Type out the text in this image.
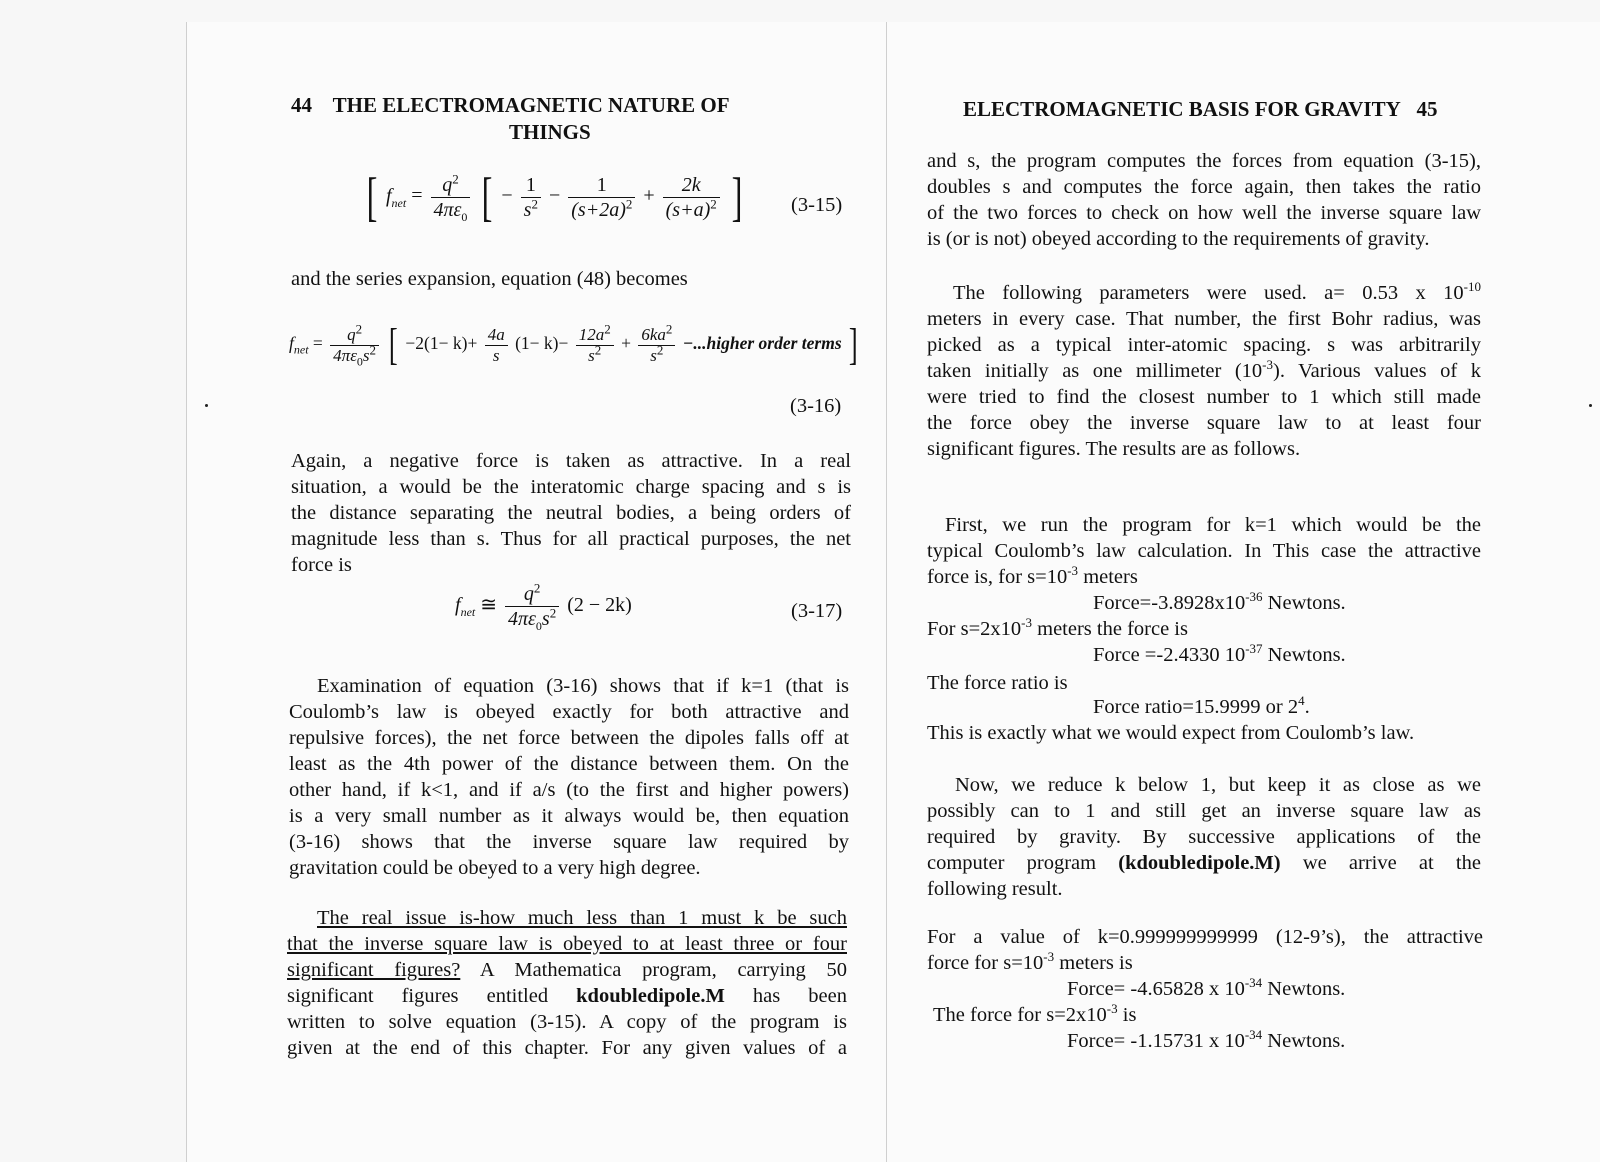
44 THE ELECTROMAGNETIC NATURE OF
THINGS
[ $f_{net} = \frac{q^2}{4\pi\varepsilon_0}$ [ − $\frac{1}{s^2} - \frac{1}{(s+2a)^2} + \frac{2k}{(s+a)^2}$ ] (3-15)
and the series expansion, equation (48) becomes
$f_{net} = \frac{q^2}{4\pi\varepsilon_0s^2}$ [ $-2(1- k)+ \frac{4a}{s} (1- k)- \frac{12a^2}{s^2} + \frac{6ka^2}{s^2}$ −...higher order terms ]
(3-16)
Again, a negative force is taken as attractive. In a real
situation, a would be the interatomic charge spacing and s is
the distance separating the neutral bodies, a being orders of
magnitude less than s. Thus for all practical purposes, the net
force is
$f_{net}$ ≅ $\frac{q^2}{4\pi\varepsilon_0s^2} (2 - 2k)$	(3-17)
Examination of equation (3-16) shows that if k=1 (that is
Coulomb’s law is obeyed exactly for both attractive and
repulsive forces), the net force between the dipoles falls off at
least as the 4th power of the distance between them. On the
other hand, if k<1, and if a/s (to the first and higher powers)
is a very small number as it always would be, then equation
(3-16) shows that the inverse square law required by
gravitation could be obeyed to a very high degree.
The real issue is-how much less than 1 must k be such
that the inverse square law is obeyed to at least three or four
significant figures? A Mathematica program, carrying 50
significant figures entitled kdoubledipole.M has been
written to solve equation (3-15). A copy of the program is
given at the end of this chapter. For any given values of a
ELECTROMAGNETIC BASIS FOR GRAVITY 45
and s, the program computes the forces from equation (3-15),
doubles s and computes the force again, then takes the ratio
of the two forces to check on how well the inverse square law
is (or is not) obeyed according to the requirements of gravity.
The following parameters were used. a= 0.53 x $10^{-10}$
meters in every case. That number, the first Bohr radius, was
picked as a typical inter-atomic spacing. s was arbitrarily
taken initially as one millimeter $(10^{-3})$. Various values of k
were tried to find the closest number to 1 which still made
the force obey the inverse square law to at least four
significant figures. The results are as follows.
First, we run the program for k=1 which would be the
typical Coulomb’s law calculation. In This case the attractive
force is, for $s=10^{-3}$ meters
$Force=-3.8928x10^{-36}$ Newtons.
For $s=2x10^{-3}$ meters the force is
Force =-2.4330 $10^{-37}$ Newtons.
The force ratio is
Force ratio=15.9999 or $2^4$.
This is exactly what we would expect from Coulomb’s law.
Now, we reduce k below 1, but keep it as close as we
possibly can to 1 and still get an inverse square law as
required by gravity. By successive applications of the
computer program (kdoubledipole.M) we arrive at the
following result.
For a value of k=0.999999999999 (12-9’s), the attractive
force for $s=10^{-3}$ meters is
Force= -4.65828 x $10^{-34}$ Newtons.
The force for $s=2x10^{-3}$ is
Force= -1.15731 x $10^{-34}$ Newtons.
